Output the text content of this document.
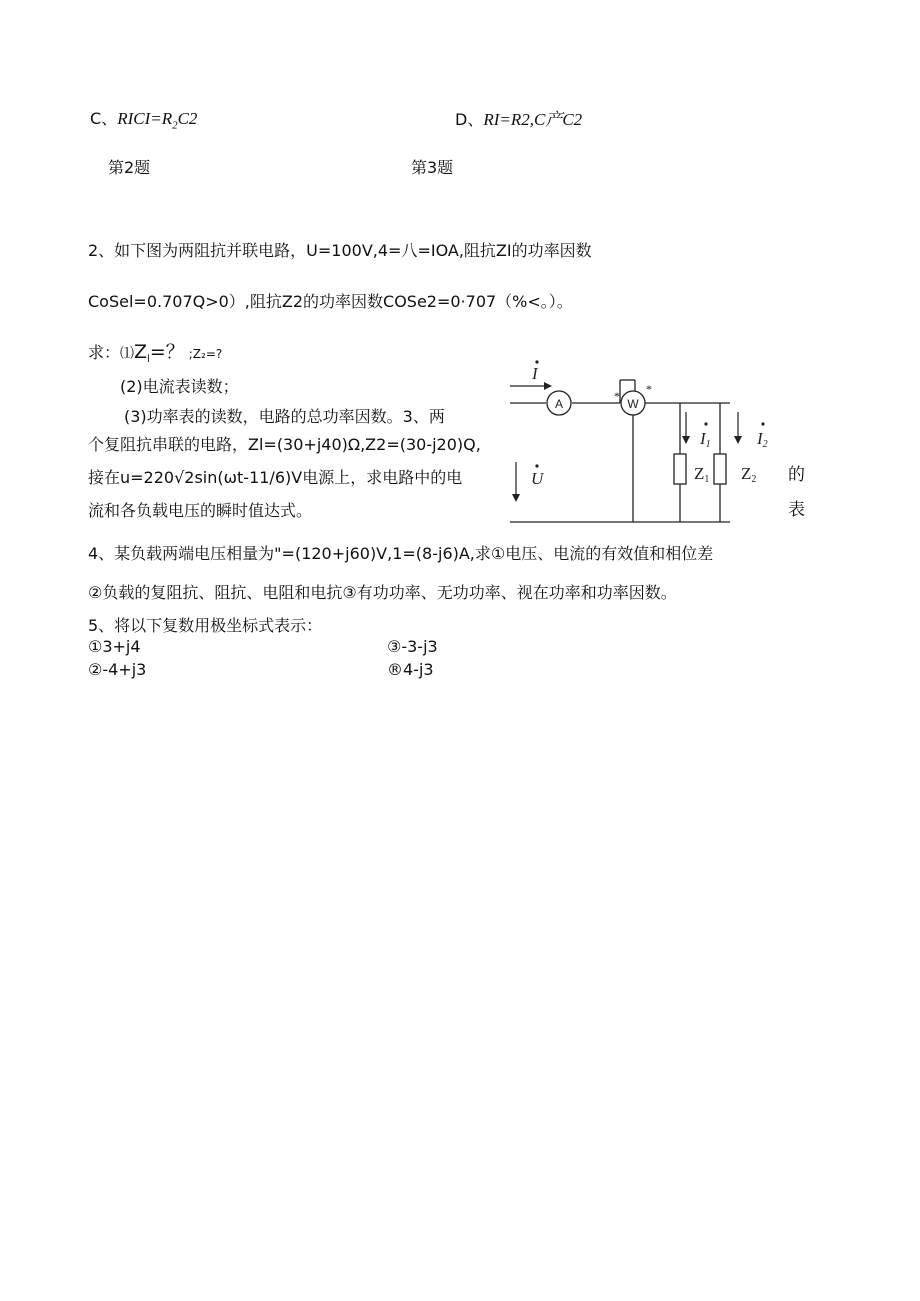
C、$RICI=R_2C2$	D、RI=R2,C产C2
第2题	第3题
2、如下图为两阻抗并联电路，U=100V,4=八=IOA,阻抗ZI的功率因数
CoSel=0.707Q>0）,阻抗Z2的功率因数COSe2=0·707（%<。）。
求：$⑴Z_l=$？ ;Z₂=?
(2)电流表读数；
(3)功率表的读数，电路的总功率因数。3、两
个复阻抗串联的电路，Zl=(30+j40)Ω,Z2=(30-j20)Q,
接在u=220√2sin(ωt-11/6)V电源上，求电路中的电
流和各负载电压的瞬时值达式。
的
表
I
A	W
* *
U
I1	I2
Z1 Z2
4、某负载两端电压相量为"=(120+j60)V,1=(8-j6)A,求①电压、电流的有效值和相位差
②负载的复阻抗、阻抗、电阻和电抗③有功功率、无功功率、视在功率和功率因数。
5、将以下复数用极坐标式表示：
①3+j4	③-3-j3
②-4+j3	®4-j3
